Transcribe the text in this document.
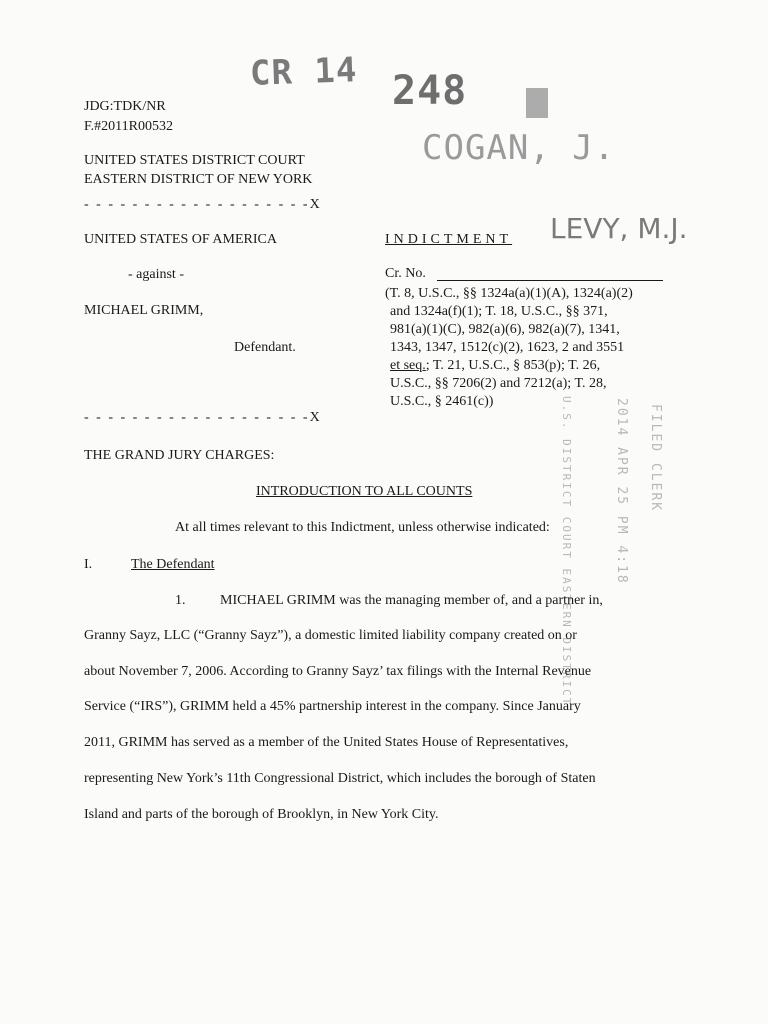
CR 14 248
COGAN, J.
LEVY, M.J.
JDG:TDK/NR
F.#2011R00532
UNITED STATES DISTRICT COURT
EASTERN DISTRICT OF NEW YORK
- - - - - - - - - - - - - - - - - - -X
UNITED STATES OF AMERICA
- against -
MICHAEL GRIMM,
Defendant.
INDICTMENT
Cr. No.
(T. 8, U.S.C., §§ 1324a(a)(1)(A), 1324(a)(2)
and 1324a(f)(1); T. 18, U.S.C., §§ 371,
981(a)(1)(C), 982(a)(6), 982(a)(7), 1341,
1343, 1347, 1512(c)(2), 1623, 2 and 3551
et seq.; T. 21, U.S.C., § 853(p); T. 26,
U.S.C., §§ 7206(2) and 7212(a); T. 28,
U.S.C., § 2461(c))
- - - - - - - - - - - - - - - - - - -X	FILED CLERK
2014 APR 25 PM 4:18
U.S. DISTRICT COURT EASTERN DISTRICT
THE GRAND JURY CHARGES:
INTRODUCTION TO ALL COUNTS
At all times relevant to this Indictment, unless otherwise indicated:
I.	The Defendant
1. MICHAEL GRIMM was the managing member of, and a partner in,

Granny Sayz, LLC (“Granny Sayz”), a domestic limited liability company created on or

about November 7, 2006. According to Granny Sayz’ tax filings with the Internal Revenue

Service (“IRS”), GRIMM held a 45% partnership interest in the company. Since January

2011, GRIMM has served as a member of the United States House of Representatives,

representing New York’s 11th Congressional District, which includes the borough of Staten

Island and parts of the borough of Brooklyn, in New York City.
